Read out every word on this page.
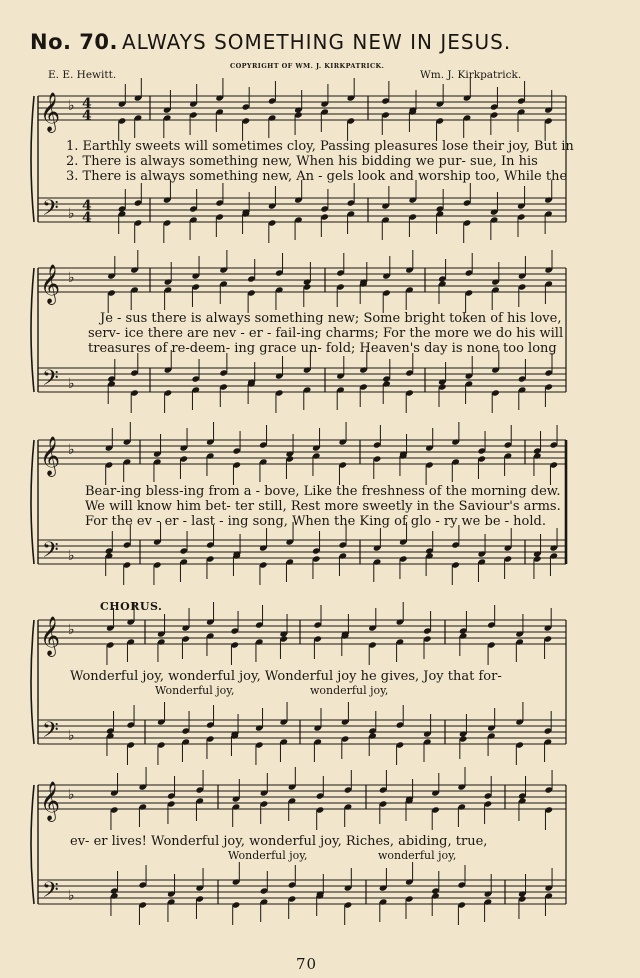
No. 70. ALWAYS SOMETHING NEW IN JESUS.
COPYRIGHT OF WM. J. KIRKPATRICK.
E. E. Hewitt.	Wm. J. Kirkpatrick.
𝄞
𝄢
♭
♭
4
4
4
4
𝄞
𝄢
♭
♭
𝄞
𝄢
♭
♭
𝄞
𝄢
♭
♭
𝄞
𝄢
♭
♭
1. Earthly sweets will sometimes cloy, Passing pleasures lose their joy, But in
2. There is always something new, When his bidding we pur- sue, In his
3. There is always something new, An - gels look and worship too, While the
Je - sus there is always something new; Some bright token of his love,
serv- ice there are nev - er - fail-ing charms; For the more we do his will
treasures of re-deem- ing grace un- fold; Heaven's day is none too long
Bear-ing bless-ing from a - bove, Like the freshness of the morning dew.
We will know him bet- ter still, Rest more sweetly in the Saviour's arms.
For the ev - er - last - ing song, When the King of glo - ry we be - hold.
CHORUS.
Wonderful joy, wonderful joy, Wonderful joy he gives, Joy that for-
Wonderful joy,	wonderful joy,
ev- er lives! Wonderful joy, wonderful joy, Riches, abiding, true,
Wonderful joy,	wonderful joy,
70
